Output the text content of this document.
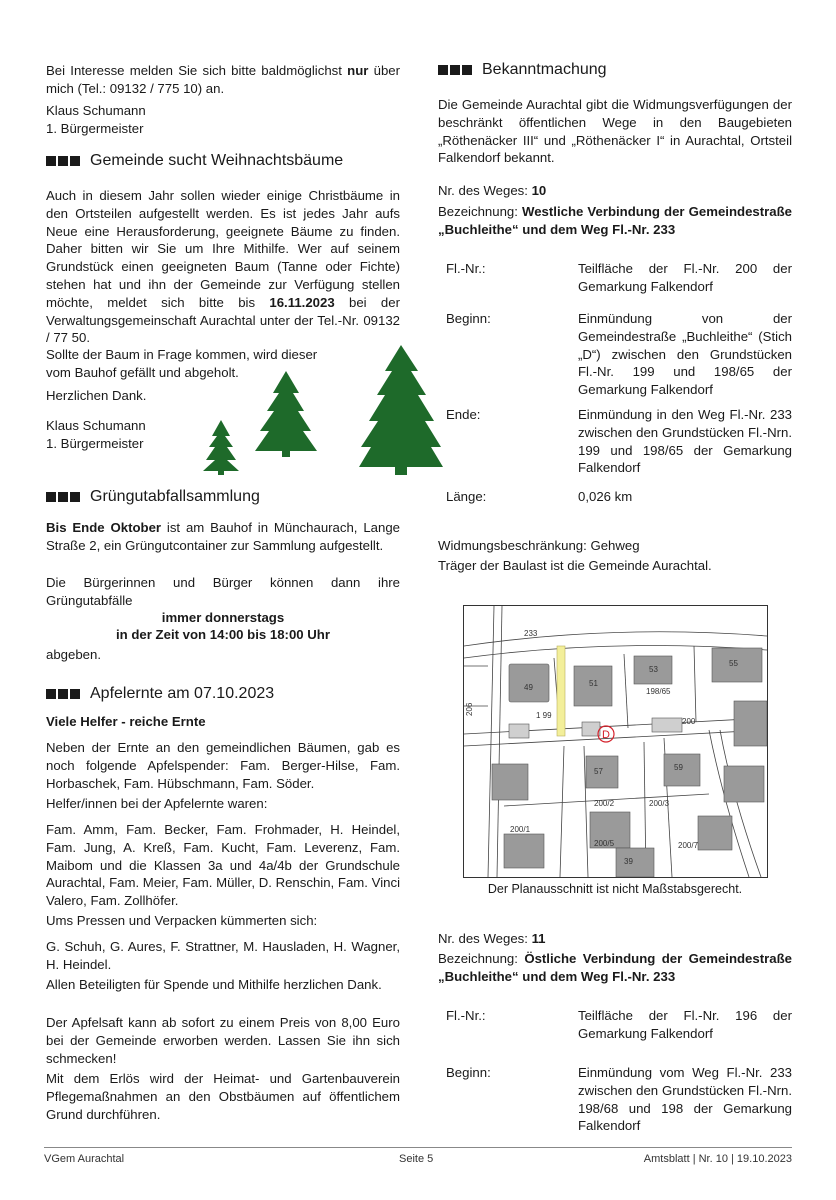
Bei Interesse melden Sie sich bitte baldmöglichst nur über mich (Tel.: 09132 / 775 10) an.

Klaus Schumann

1. Bürgermeister

Gemeinde sucht Weihnachtsbäume

Auch in diesem Jahr sollen wieder einige Christbäume in den Ortsteilen aufgestellt werden. Es ist jedes Jahr aufs Neue eine Herausforderung, geeignete Bäume zu finden. Daher bitten wir Sie um Ihre Mithilfe. Wer auf seinem Grundstück einen geeigneten Baum (Tanne oder Fichte) stehen hat und ihn der Gemeinde zur Verfügung stellen möchte, meldet sich bitte bis 16.11.2023 bei der Verwaltungsgemeinschaft Aurachtal unter der Tel.-Nr. 09132 / 77 50.

Sollte der Baum in Frage kommen, wird dieser vom Bauhof gefällt und abgeholt.

Herzlichen Dank.

Klaus Schumann

1. Bürgermeister

Grüngutabfallsammlung

Bis Ende Oktober ist am Bauhof in Münchaurach, Lange Straße 2, ein Grüngutcontainer zur Sammlung aufgestellt.

Die Bürgerinnen und Bürger können dann ihre Grüngutabfälle

immer donnerstags

in der Zeit von 14:00 bis 18:00 Uhr

abgeben.

Apfelernte am 07.10.2023

Viele Helfer - reiche Ernte

Neben der Ernte an den gemeindlichen Bäumen, gab es noch folgende Apfelspender: Fam. Berger-Hilse, Fam. Horbaschek, Fam. Hübschmann, Fam. Söder.

Helfer/innen bei der Apfelernte waren:

Fam. Amm, Fam. Becker, Fam. Frohmader, H. Heindel, Fam. Jung, A. Kreß, Fam. Kucht, Fam. Leverenz, Fam. Maibom und die Klassen 3a und 4a/4b der Grundschule Aurachtal, Fam. Meier, Fam. Müller, D. Renschin, Fam. Vinci Valero, Fam. Zollhöfer.

Ums Pressen und Verpacken kümmerten sich:

G. Schuh, G. Aures, F. Strattner, M. Hausladen, H. Wagner, H. Heindel.

Allen Beteiligten für Spende und Mithilfe herzlichen Dank.

Der Apfelsaft kann ab sofort zu einem Preis von 8,00 Euro bei der Gemeinde erworben werden. Lassen Sie ihn sich schmecken!

Mit dem Erlös wird der Heimat- und Gartenbauverein Pflegemaßnahmen an den Obstbäumen auf öffentlichem Grund durchführen.

Bekanntmachung

Die Gemeinde Aurachtal gibt die Widmungsverfügungen der beschränkt öffentlichen Wege in den Baugebieten „Röthenäcker III“ und „Röthenäcker I“ in Aurachtal, Ortsteil Falkendorf bekannt.

Nr. des Weges: 10

Bezeichnung: Westliche Verbindung der Gemeindestraße „Buchleithe“ und dem Weg Fl.-Nr. 233

Fl.-Nr.:	Teilfläche der Fl.-Nr. 200 der Gemarkung Falkendorf
Beginn:	Einmündung von der Gemeindestraße „Buchleithe“ (Stich „D“) zwischen den Grundstücken Fl.-Nr. 199 und 198/65 der Gemarkung Falkendorf
Ende:	Einmündung in den Weg Fl.-Nr. 233 zwischen den Grundstücken Fl.-Nrn. 199 und 198/65 der Gemarkung Falkendorf
Länge:	0,026 km

Widmungsbeschränkung: Gehweg

Träger der Baulast ist die Gemeinde Aurachtal.

Der Planausschnitt ist nicht Maßstabsgerecht.

Nr. des Weges: 11

Bezeichnung: Östliche Verbindung der Gemeindestraße „Buchleithe“ und dem Weg Fl.-Nr. 233

Fl.-Nr.:	Teilfläche der Fl.-Nr. 196 der Gemarkung Falkendorf
Beginn:	Einmündung vom Weg Fl.-Nr. 233 zwischen den Grundstücken Fl.-Nrn. 198/68 und 198 der Gemarkung Falkendorf
233
206
49	51
53
55
198/65
1 99
200
57	59
200/3
200/2
200/1
200/5	200/7
39
D
VGem Aurachtal	Seite 5	Amtsblatt | Nr. 10 | 19.10.2023
